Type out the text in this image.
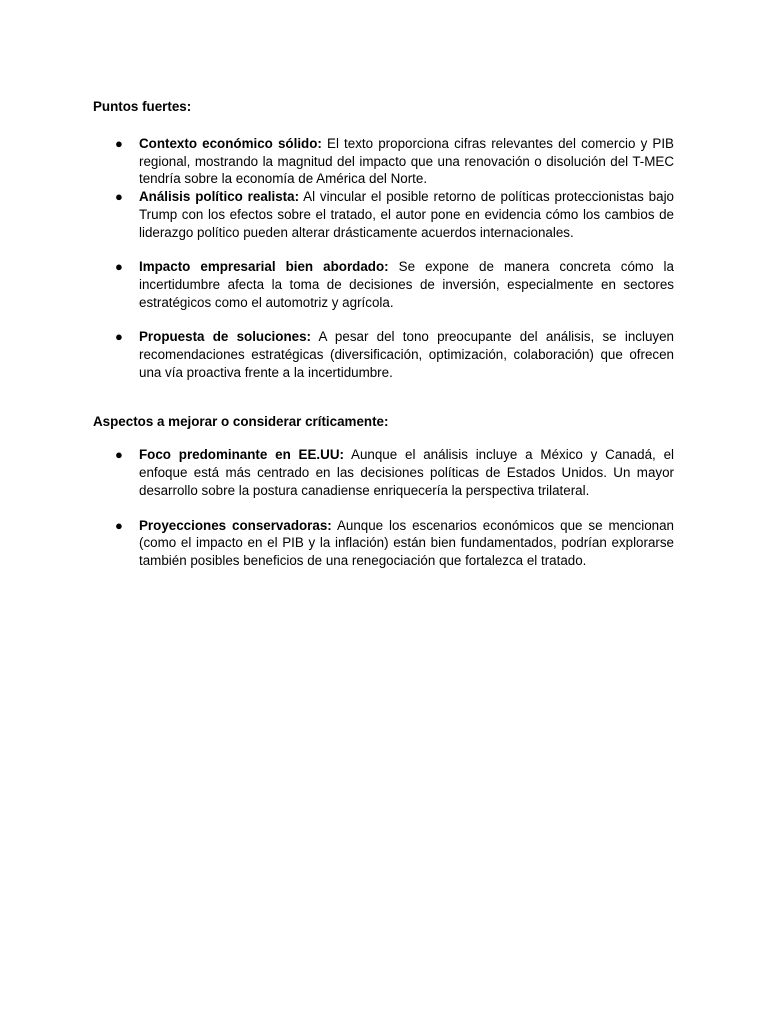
Puntos fuertes:

● Contexto económico sólido: El texto proporciona cifras relevantes del comercio y PIB regional, mostrando la magnitud del impacto que una renovación o disolución del T-MEC tendría sobre la economía de América del Norte.
● Análisis político realista: Al vincular el posible retorno de políticas proteccionistas bajo Trump con los efectos sobre el tratado, el autor pone en evidencia cómo los cambios de liderazgo político pueden alterar drásticamente acuerdos internacionales.
● Impacto empresarial bien abordado: Se expone de manera concreta cómo la incertidumbre afecta la toma de decisiones de inversión, especialmente en sectores estratégicos como el automotriz y agrícola.
● Propuesta de soluciones: A pesar del tono preocupante del análisis, se incluyen recomendaciones estratégicas (diversificación, optimización, colaboración) que ofrecen una vía proactiva frente a la incertidumbre.

Aspectos a mejorar o considerar críticamente:

● Foco predominante en EE.UU: Aunque el análisis incluye a México y Canadá, el enfoque está más centrado en las decisiones políticas de Estados Unidos. Un mayor desarrollo sobre la postura canadiense enriquecería la perspectiva trilateral.
● Proyecciones conservadoras: Aunque los escenarios económicos que se mencionan (como el impacto en el PIB y la inflación) están bien fundamentados, podrían explorarse también posibles beneficios de una renegociación que fortalezca el tratado.
